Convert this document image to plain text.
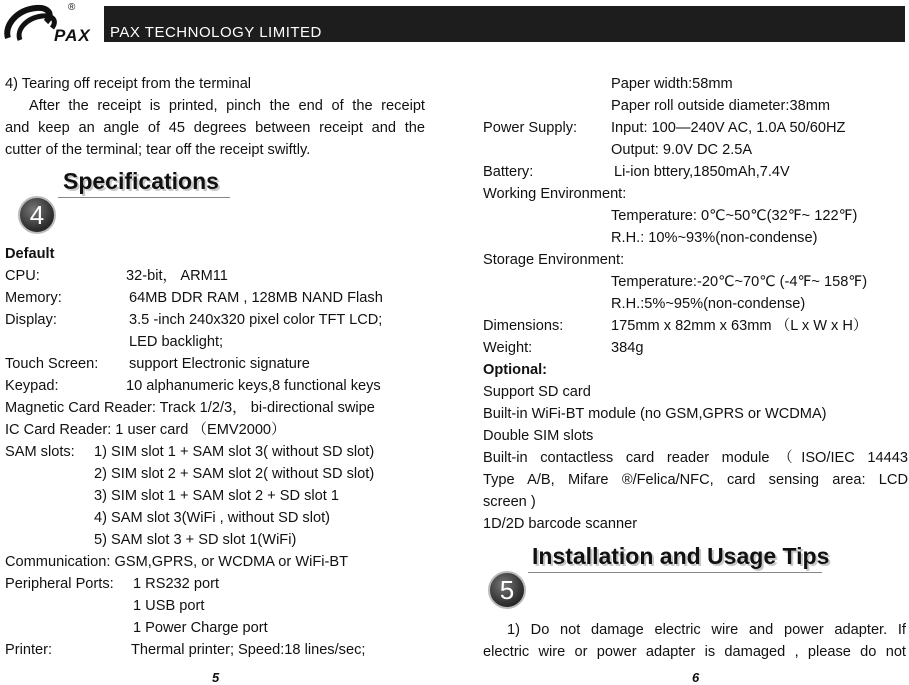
®
PAX PAX TECHNOLOGY LIMITED
4) Tearing off receipt from the terminal
After the receipt is printed, pinch the end of the receipt
and keep an angle of 45 degrees between receipt and the
cutter of the terminal; tear off the receipt swiftly.
Specifications
4
Default
CPU:	32-bit， ARM11
Memory:	64MB DDR RAM , 128MB NAND Flash
Display:	3.5 -inch 240x320 pixel color TFT LCD;
LED backlight;
Touch Screen: support Electronic signature
Keypad:	10 alphanumeric keys,8 functional keys
Magnetic Card Reader: Track 1/2/3， bi-directional swipe
IC Card Reader: 1 user card （EMV2000）
SAM slots: 1) SIM slot 1 + SAM slot 3( without SD slot)
2) SIM slot 2 + SAM slot 2( without SD slot)
3) SIM slot 1 + SAM slot 2 + SD slot 1
4) SAM slot 3(WiFi , without SD slot)
5) SAM slot 3 + SD slot 1(WiFi)
Communication: GSM,GPRS, or WCDMA or WiFi-BT
Peripheral Ports: 1 RS232 port
1 USB port
1 Power Charge port
Printer:	Thermal printer; Speed:18 lines/sec;
5
Paper width:58mm
Paper roll outside diameter:38mm
Power Supply: Input: 100—240V AC, 1.0A 50/60HZ
Output: 9.0V DC 2.5A
Battery:	Li-ion bttery,1850mAh,7.4V
Working Environment:
Temperature: 0℃~50℃(32℉~ 122℉)
R.H.: 10%~93%(non-condense)
Storage Environment:
Temperature:-20℃~70℃ (-4℉~ 158℉)
R.H.:5%~95%(non-condense)
Dimensions:	175mm x 82mm x 63mm （L x W x H）
Weight:	384g
Optional:
Support SD card
Built-in WiFi-BT module (no GSM,GPRS or WCDMA)
Double SIM slots
Built-in contactless card reader module（ISO/IEC 14443
Type A/B, Mifare ®/Felica/NFC, card sensing area: LCD
screen )
1D/2D barcode scanner
Installation and Usage Tips
5
1) Do not damage electric wire and power adapter. If
electric wire or power adapter is damaged , please do not
6
